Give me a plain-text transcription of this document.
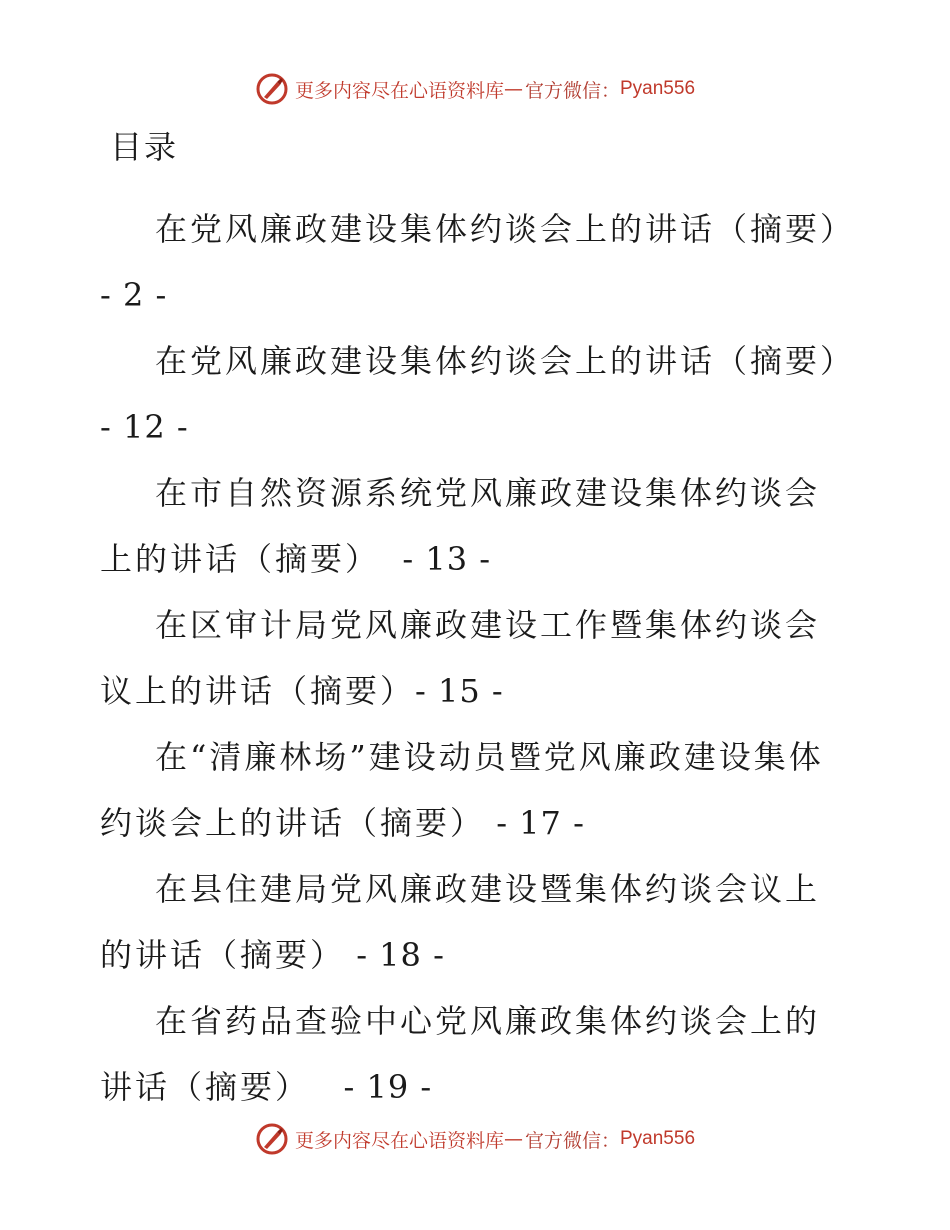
更多内容尽在心语资料库 — 官方微信： Pyan556
目录
在党风廉政建设集体约谈会上的讲话（摘要）- 2 -
在党风廉政建设集体约谈会上的讲话（摘要）- 12 -
在市自然资源系统党风廉政建设集体约谈会上的讲话（摘要）  - 13 -
在区审计局党风廉政建设工作暨集体约谈会议上的讲话（摘要）- 15 -
在“清廉林场”建设动员暨党风廉政建设集体约谈会上的讲话（摘要） - 17 -
在县住建局党风廉政建设暨集体约谈会议上的讲话（摘要） - 18 -
在省药品查验中心党风廉政集体约谈会上的讲话（摘要）   - 19 -
更多内容尽在心语资料库 — 官方微信： Pyan556
